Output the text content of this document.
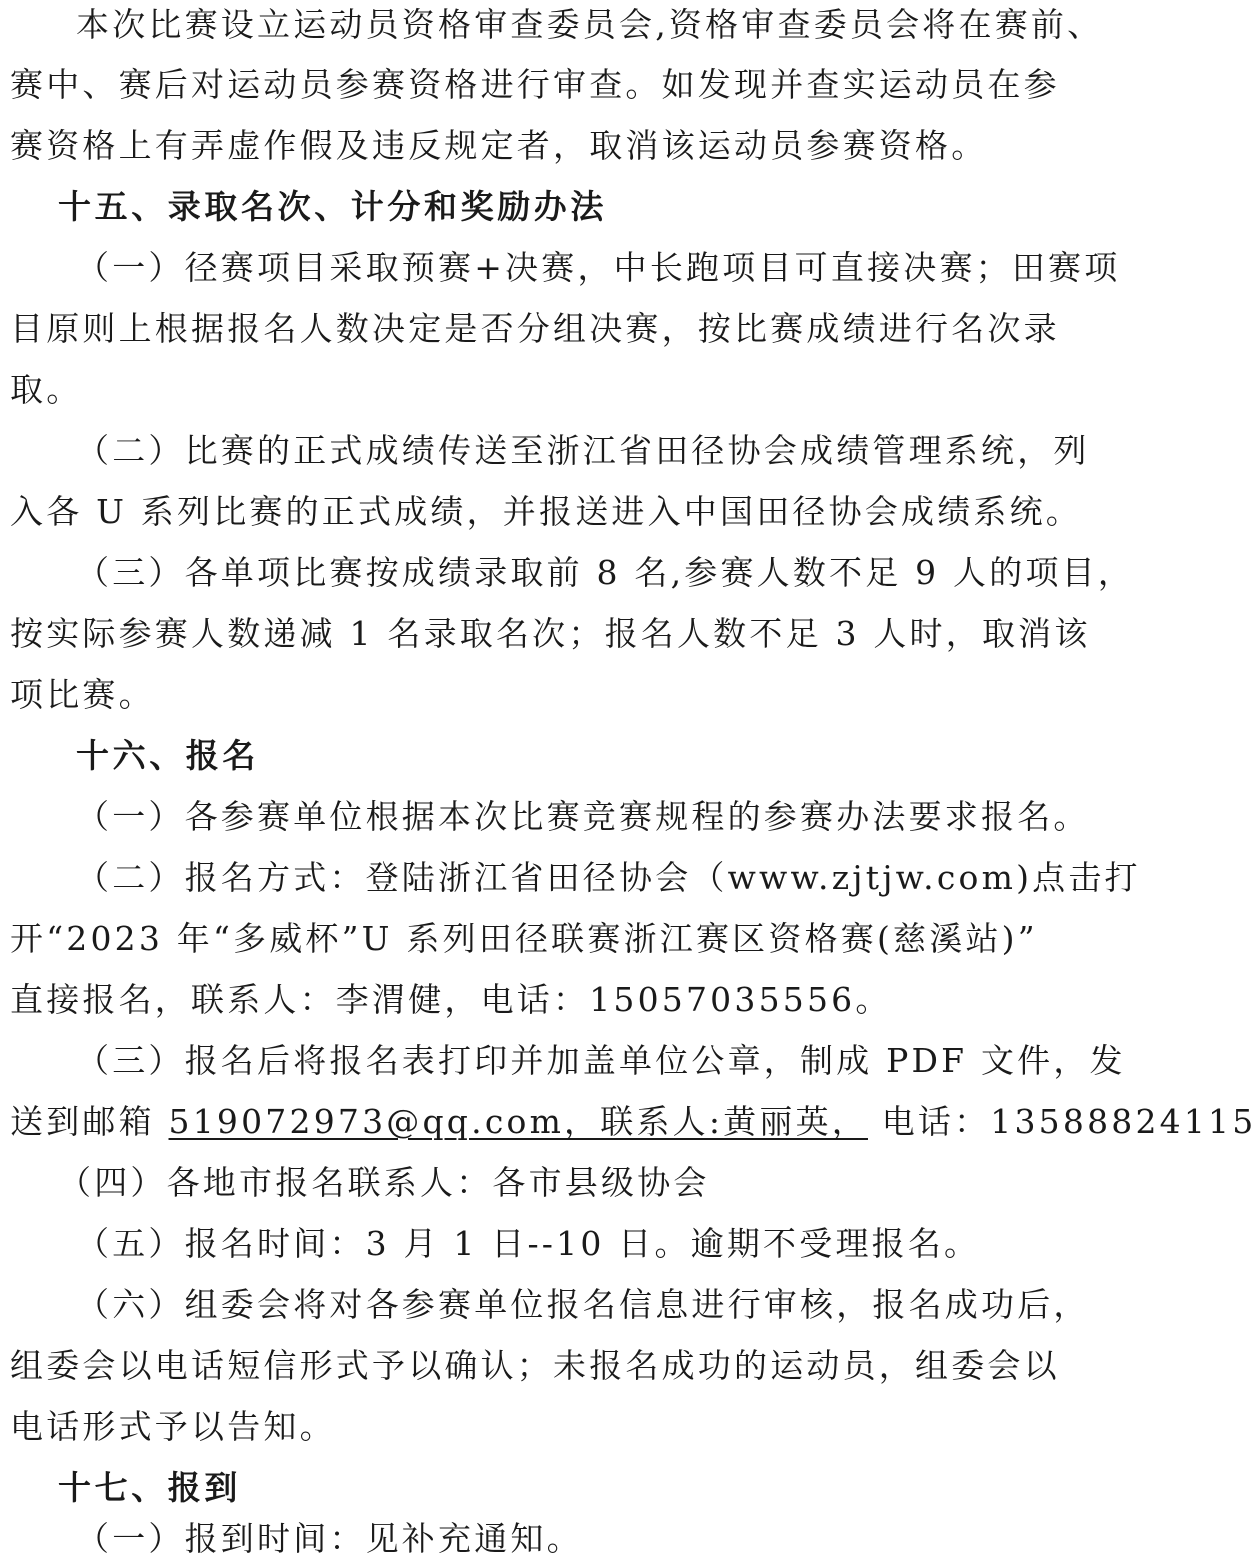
本次比赛设立运动员资格审查委员会,资格审查委员会将在赛前、
赛中、赛后对运动员参赛资格进行审查。如发现并查实运动员在参
赛资格上有弄虚作假及违反规定者，取消该运动员参赛资格。
十五、录取名次、计分和奖励办法
（一）径赛项目采取预赛+决赛，中长跑项目可直接决赛；田赛项
目原则上根据报名人数决定是否分组决赛，按比赛成绩进行名次录
取。
（二）比赛的正式成绩传送至浙江省田径协会成绩管理系统，列
入各 U 系列比赛的正式成绩，并报送进入中国田径协会成绩系统。
（三）各单项比赛按成绩录取前 8 名,参赛人数不足 9 人的项目，
按实际参赛人数递减 1 名录取名次；报名人数不足 3 人时，取消该
项比赛。
十六、报名
（一）各参赛单位根据本次比赛竞赛规程的参赛办法要求报名。
（二）报名方式：登陆浙江省田径协会（www.zjtjw.com)点击打
开“2023 年“多威杯”U 系列田径联赛浙江赛区资格赛(慈溪站)”
直接报名，联系人：李渭健，电话：15057035556。
（三）报名后将报名表打印并加盖单位公章，制成 PDF 文件，发
送到邮箱 519072973@qq.com，联系人:黄丽英， 电话：13588824115
（四）各地市报名联系人：各市县级协会
（五）报名时间：3 月 1 日--10 日。逾期不受理报名。
（六）组委会将对各参赛单位报名信息进行审核，报名成功后，
组委会以电话短信形式予以确认；未报名成功的运动员，组委会以
电话形式予以告知。
十七、报到
（一）报到时间：见补充通知。
